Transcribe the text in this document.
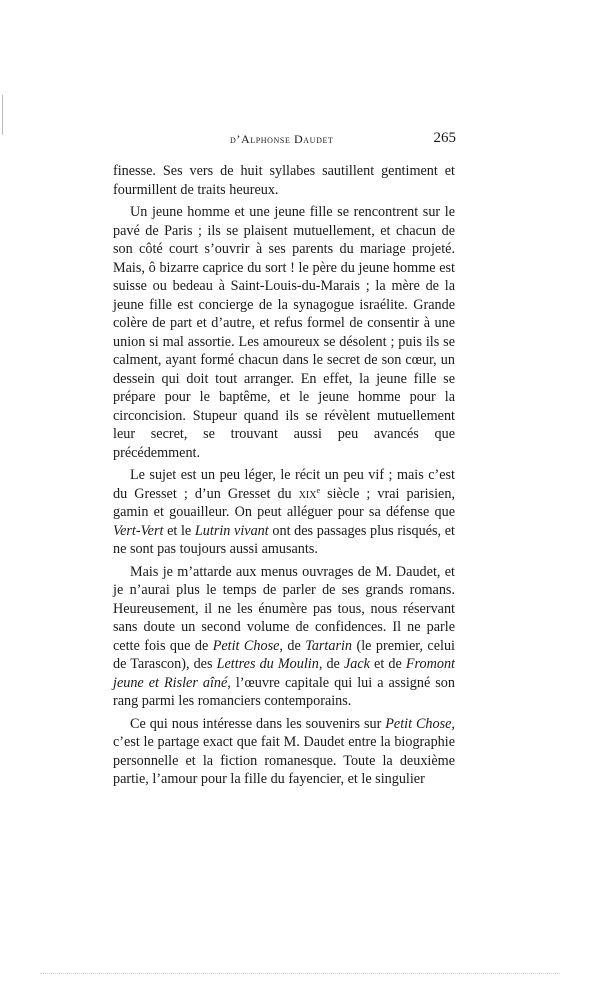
d’Alphonse Daudet	265

finesse. Ses vers de huit syllabes sautillent gentiment et fourmillent de traits heureux.

Un jeune homme et une jeune fille se rencontrent sur le pavé de Paris ; ils se plaisent mutuellement, et chacun de son côté court s’ouvrir à ses parents du mariage projeté. Mais, ô bizarre caprice du sort ! le père du jeune homme est suisse ou bedeau à Saint-Louis-du-Marais ; la mère de la jeune fille est concierge de la synagogue israélite. Grande colère de part et d’autre, et refus formel de consentir à une union si mal assortie. Les amoureux se désolent ; puis ils se calment, ayant formé chacun dans le secret de son cœur, un dessein qui doit tout arranger. En effet, la jeune fille se prépare pour le baptême, et le jeune homme pour la circoncision. Stupeur quand ils se révèlent mutuellement leur secret, se trouvant aussi peu avancés que précédemment.

Le sujet est un peu léger, le récit un peu vif ; mais c’est du Gresset ; d’un Gresset du xix$^e$ siècle ; vrai parisien, gamin et gouailleur. On peut alléguer pour sa défense que Vert-Vert et le Lutrin vivant ont des passages plus risqués, et ne sont pas toujours aussi amusants.

Mais je m’attarde aux menus ouvrages de M. Daudet, et je n’aurai plus le temps de parler de ses grands romans. Heureusement, il ne les énumère pas tous, nous réservant sans doute un second volume de confidences. Il ne parle cette fois que de Petit Chose, de Tartarin (le premier, celui de Tarascon), des Lettres du Moulin, de Jack et de Fromont jeune et Risler aîné, l’œuvre capitale qui lui a assigné son rang parmi les romanciers contemporains.

Ce qui nous intéresse dans les souvenirs sur Petit Chose, c’est le partage exact que fait M. Daudet entre la biographie personnelle et la fiction romanesque. Toute la deuxième partie, l’amour pour la fille du fayencier, et le singulier
